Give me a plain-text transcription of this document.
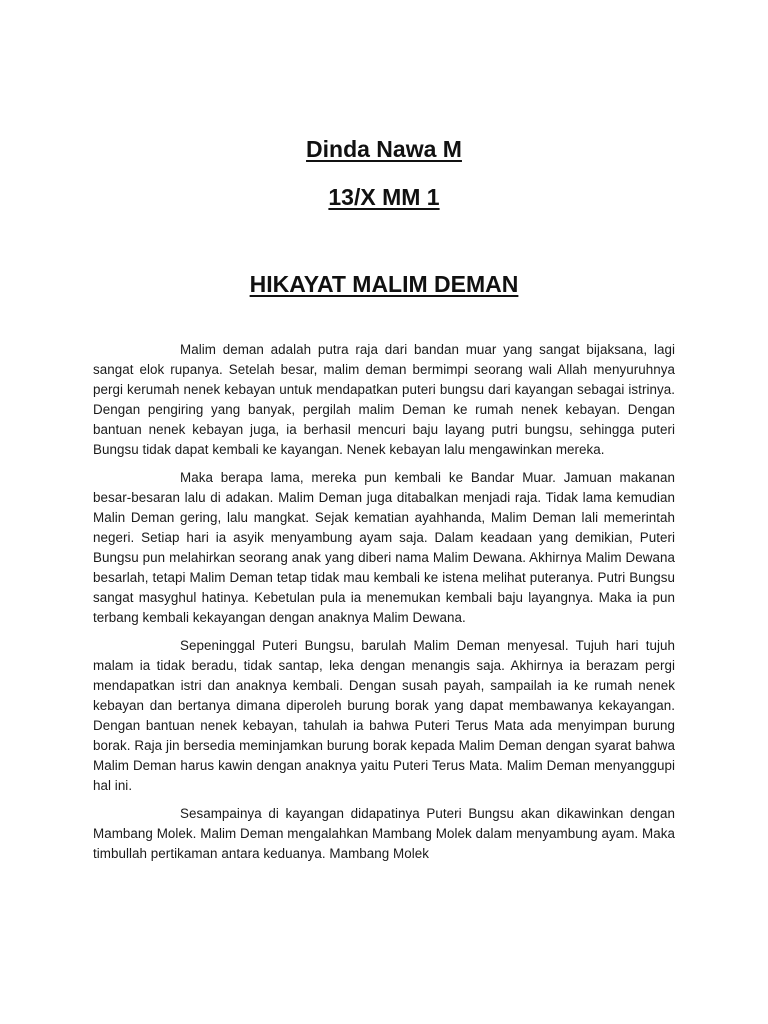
Dinda Nawa M
13/X MM 1
HIKAYAT MALIM DEMAN

Malim deman adalah putra raja dari bandan muar yang sangat bijaksana, lagi sangat elok rupanya. Setelah besar, malim deman bermimpi seorang wali Allah menyuruhnya pergi kerumah nenek kebayan untuk mendapatkan puteri bungsu dari kayangan sebagai istrinya. Dengan pengiring yang banyak, pergilah malim Deman ke rumah nenek kebayan. Dengan bantuan nenek kebayan juga, ia berhasil mencuri baju layang putri bungsu, sehingga puteri Bungsu tidak dapat kembali ke kayangan. Nenek kebayan lalu mengawinkan mereka.

Maka berapa lama, mereka pun kembali ke Bandar Muar. Jamuan makanan besar-besaran lalu di adakan. Malim Deman juga ditabalkan menjadi raja. Tidak lama kemudian Malin Deman gering, lalu mangkat. Sejak kematian ayahhanda, Malim Deman lali memerintah negeri. Setiap hari ia asyik menyambung ayam saja. Dalam keadaan yang demikian, Puteri Bungsu pun melahirkan seorang anak yang diberi nama Malim Dewana. Akhirnya Malim Dewana besarlah, tetapi Malim Deman tetap tidak mau kembali ke istena melihat puteranya. Putri Bungsu sangat masyghul hatinya. Kebetulan pula ia menemukan kembali baju layangnya. Maka ia pun terbang kembali kekayangan dengan anaknya Malim Dewana.

Sepeninggal Puteri Bungsu, barulah Malim Deman menyesal. Tujuh hari tujuh malam ia tidak beradu, tidak santap, leka dengan menangis saja. Akhirnya ia berazam pergi mendapatkan istri dan anaknya kembali. Dengan susah payah, sampailah ia ke rumah nenek kebayan dan bertanya dimana diperoleh burung borak yang dapat membawanya kekayangan. Dengan bantuan nenek kebayan, tahulah ia bahwa Puteri Terus Mata ada menyimpan burung borak. Raja jin bersedia meminjamkan burung borak kepada Malim Deman dengan syarat bahwa Malim Deman harus kawin dengan anaknya yaitu Puteri Terus Mata. Malim Deman menyanggupi hal ini.

Sesampainya di kayangan didapatinya Puteri Bungsu akan dikawinkan dengan Mambang Molek. Malim Deman mengalahkan Mambang Molek dalam menyambung ayam. Maka timbullah pertikaman antara keduanya. Mambang Molek
